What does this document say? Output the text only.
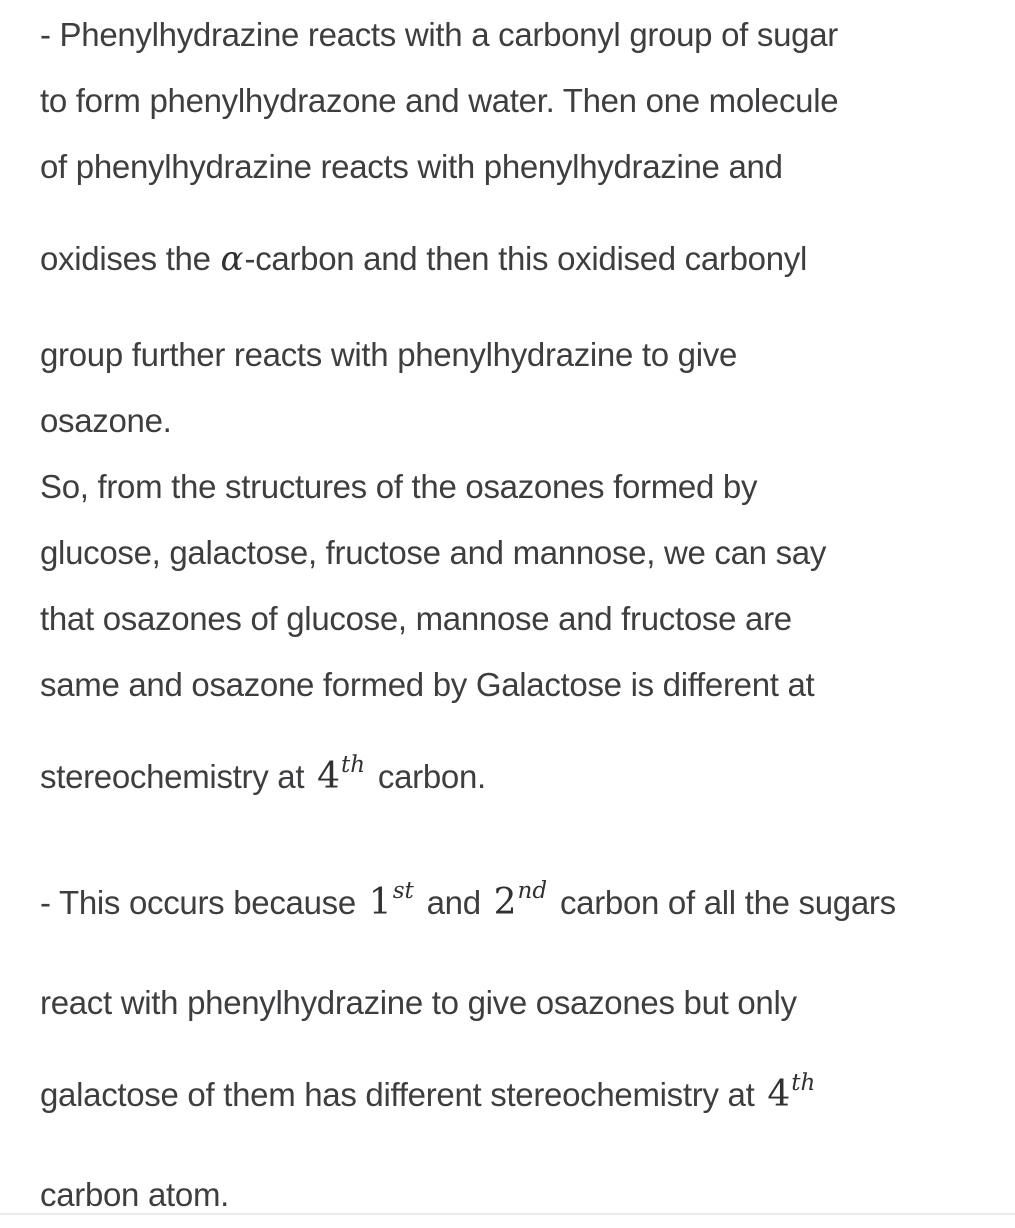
- Phenylhydrazine reacts with a carbonyl group of sugar
to form phenylhydrazone and water. Then one molecule
of phenylhydrazine reacts with phenylhydrazine and
oxidises the α-carbon and then this oxidised carbonyl
group further reacts with phenylhydrazine to give
osazone.
So, from the structures of the osazones formed by
glucose, galactose, fructose and mannose, we can say
that osazones of glucose, mannose and fructose are
same and osazone formed by Galactose is different at
stereochemistry at 4th carbon.
- This occurs because 1st and 2nd carbon of all the sugars
react with phenylhydrazine to give osazones but only
galactose of them has different stereochemistry at 4th
carbon atom.
